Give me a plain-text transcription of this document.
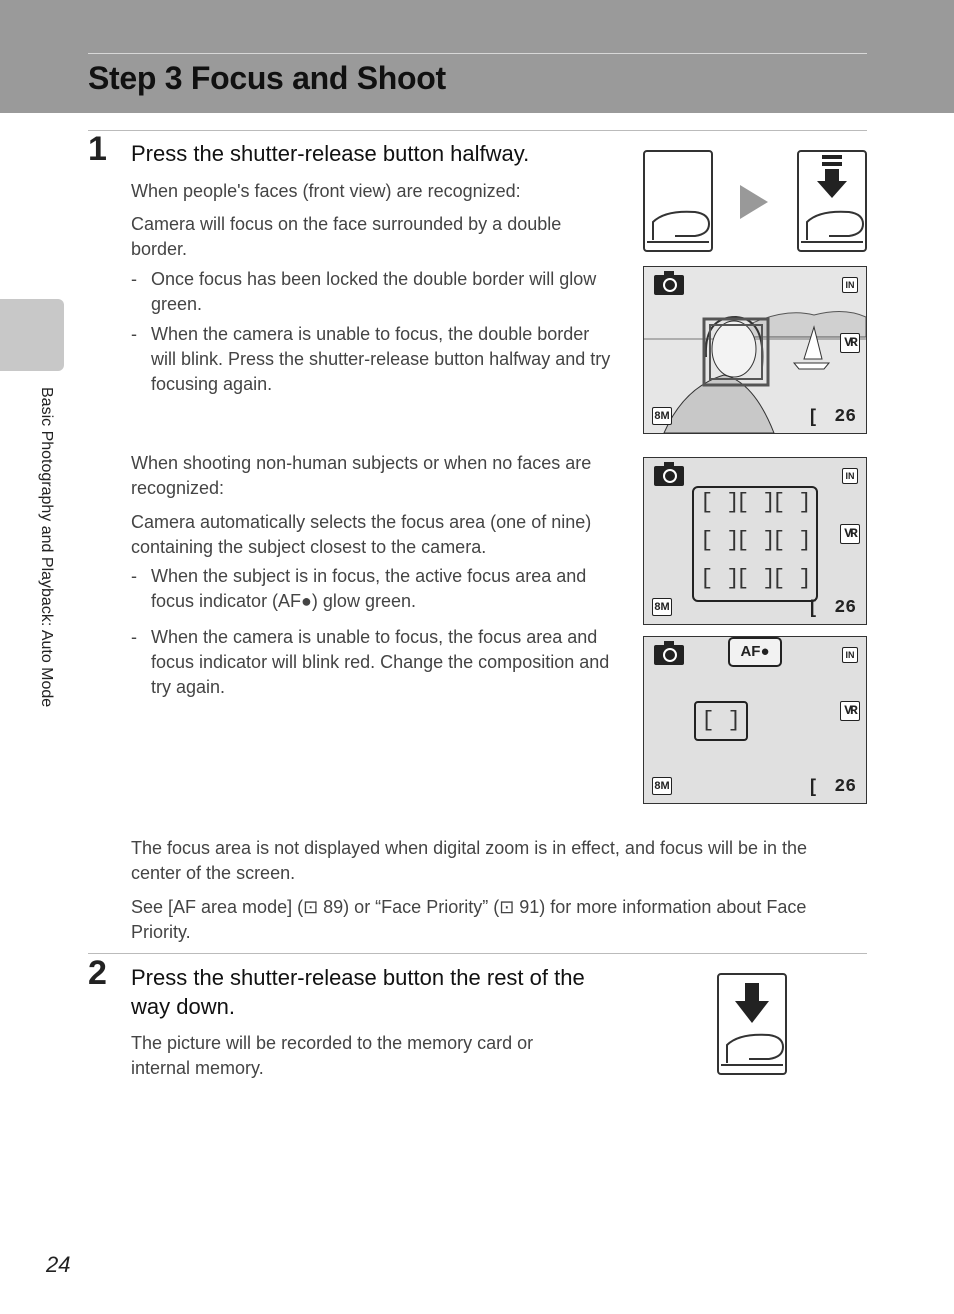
Step 3 Focus and Shoot
Basic Photography and Playback: Auto Mode
1 Press the shutter-release button halfway.
When people's faces (front view) are recognized:
Camera will focus on the face surrounded by a double border.
- Once focus has been locked the double border will glow green.
- When the camera is unable to focus, the double border will blink. Press the shutter-release button halfway and try focusing again.
When shooting non-human subjects or when no faces are recognized:
Camera automatically selects the focus area (one of nine) containing the subject closest to the camera.
- When the subject is in focus, the active focus area and focus indicator (AF●) glow green.
- When the camera is unable to focus, the focus area and focus indicator will blink red. Change the composition and try again.
IN
VR
8M	[ 26
IN
VR
[ ]
[ ]
[ ]
[ ]
[ ]
[ ]
[ ]
[ ]
[ ]
8M	[ 26
AF●	IN
VR
[ ]
8M	[ 26
The focus area is not displayed when digital zoom is in effect, and focus will be in the center of the screen.
See [AF area mode] (⊡ 89) or “Face Priority” (⊡ 91) for more information about Face Priority.
2 Press the shutter-release button the rest of the way down.
The picture will be recorded to the memory card or internal memory.
24
